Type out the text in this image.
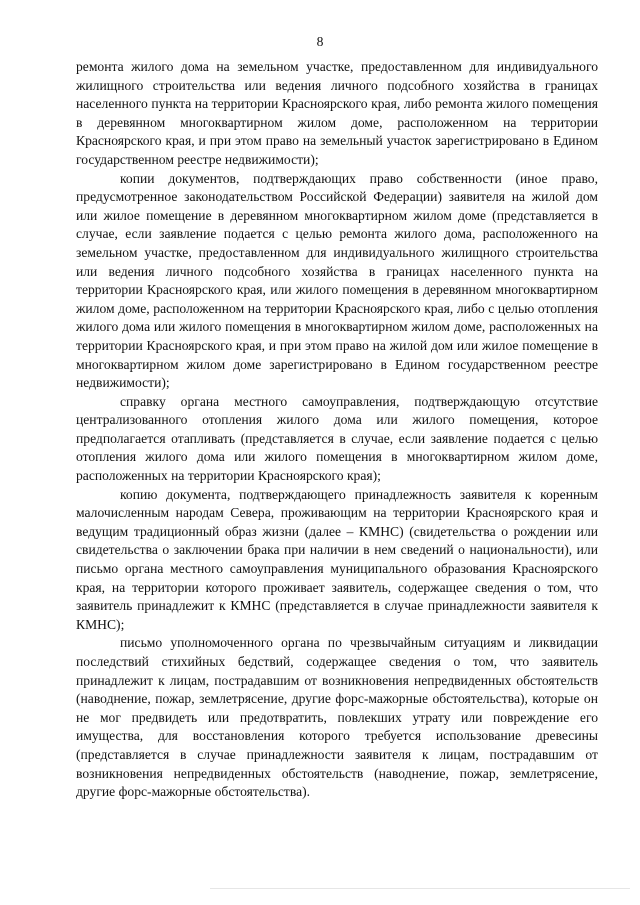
8

ремонта жилого дома на земельном участке, предоставленном для индивидуального жилищного строительства или ведения личного подсобного хозяйства в границах населенного пункта на территории Красноярского края, либо ремонта жилого помещения в деревянном многоквартирном жилом доме, расположенном на территории Красноярского края, и при этом право на земельный участок зарегистрировано в Едином государственном реестре недвижимости);

копии документов, подтверждающих право собственности (иное право, предусмотренное законодательством Российской Федерации) заявителя на жилой дом или жилое помещение в деревянном многоквартирном жилом доме (представляется в случае, если заявление подается с целью ремонта жилого дома, расположенного на земельном участке, предоставленном для индивидуального жилищного строительства или ведения личного подсобного хозяйства в границах населенного пункта на территории Красноярского края, или жилого помещения в деревянном многоквартирном жилом доме, расположенном на территории Красноярского края, либо с целью отопления жилого дома или жилого помещения в многоквартирном жилом доме, расположенных на территории Красноярского края, и при этом право на жилой дом или жилое помещение в многоквартирном жилом доме зарегистрировано в Едином государственном реестре недвижимости);

справку органа местного самоуправления, подтверждающую отсутствие централизованного отопления жилого дома или жилого помещения, которое предполагается отапливать (представляется в случае, если заявление подается с целью отопления жилого дома или жилого помещения в многоквартирном жилом доме, расположенных на территории Красноярского края);

копию документа, подтверждающего принадлежность заявителя к коренным малочисленным народам Севера, проживающим на территории Красноярского края и ведущим традиционный образ жизни (далее – КМНС) (свидетельства о рождении или свидетельства о заключении брака при наличии в нем сведений о национальности), или письмо органа местного самоуправления муниципального образования Красноярского края, на территории которого проживает заявитель, содержащее сведения о том, что заявитель принадлежит к КМНС (представляется в случае принадлежности заявителя к КМНС);

письмо уполномоченного органа по чрезвычайным ситуациям и ликвидации последствий стихийных бедствий, содержащее сведения о том, что заявитель принадлежит к лицам, пострадавшим от возникновения непредвиденных обстоятельств (наводнение, пожар, землетрясение, другие форс-мажорные обстоятельства), которые он не мог предвидеть или предотвратить, повлекших утрату или повреждение его имущества, для восстановления которого требуется использование древесины (представляется в случае принадлежности заявителя к лицам, пострадавшим от возникновения непредвиденных обстоятельств (наводнение, пожар, землетрясение, другие форс-мажорные обстоятельства).
